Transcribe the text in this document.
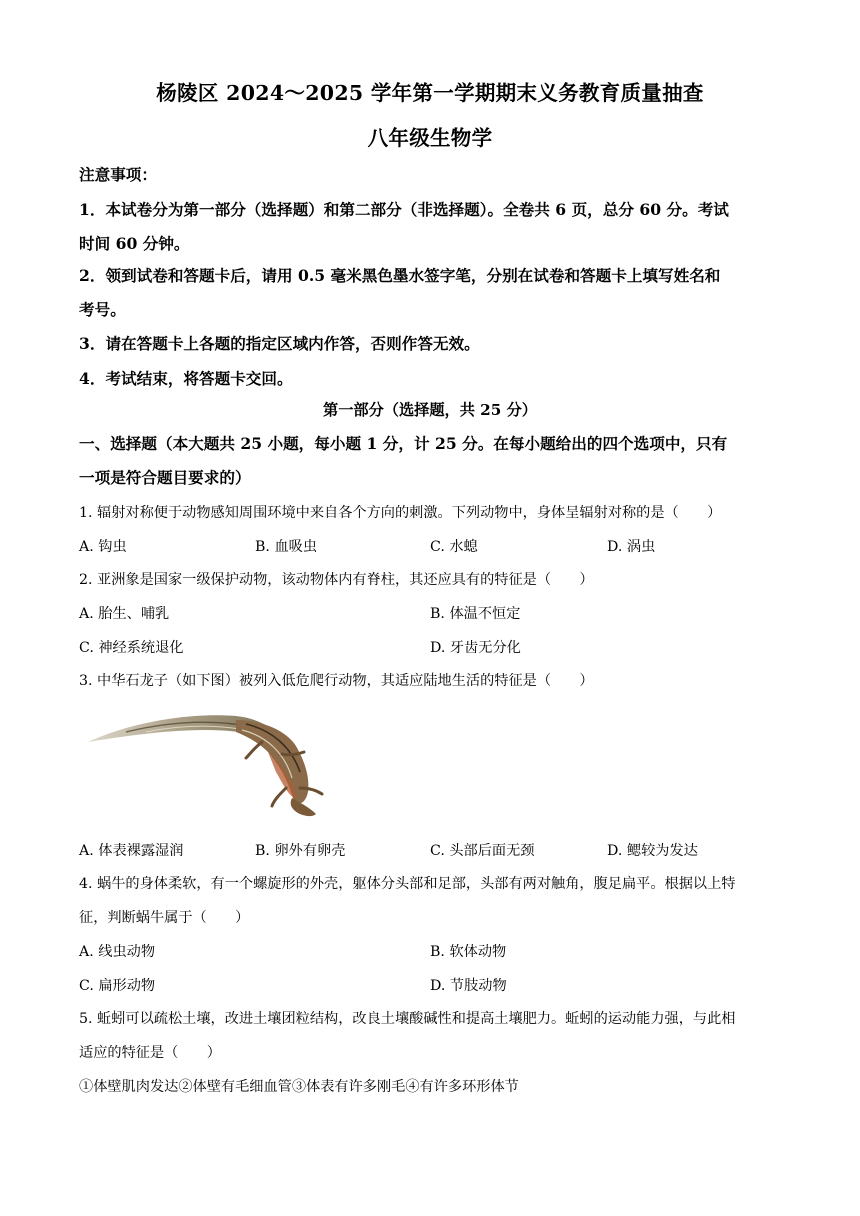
杨陵区 2024～2025 学年第一学期期末义务教育质量抽查
八年级生物学
注意事项：
1．本试卷分为第一部分（选择题）和第二部分（非选择题）。全卷共 6 页，总分 60 分。考试
时间 60 分钟。
2．领到试卷和答题卡后，请用 0.5 毫米黑色墨水签字笔，分别在试卷和答题卡上填写姓名和
考号。
3．请在答题卡上各题的指定区域内作答，否则作答无效。
4．考试结束，将答题卡交回。
第一部分（选择题，共 25 分）
一、选择题（本大题共 25 小题，每小题 1 分，计 25 分。在每小题给出的四个选项中，只有
一项是符合题目要求的）
1. 辐射对称便于动物感知周围环境中来自各个方向的刺激。下列动物中，身体呈辐射对称的是（　　）
A. 钩虫	B. 血吸虫	C. 水螅	D. 涡虫
2. 亚洲象是国家一级保护动物，该动物体内有脊柱，其还应具有的特征是（　　）
A. 胎生、哺乳	B. 体温不恒定
C. 神经系统退化	D. 牙齿无分化
3. 中华石龙子（如下图）被列入低危爬行动物，其适应陆地生活的特征是（　　）
A. 体表裸露湿润	B. 卵外有卵壳	C. 头部后面无颈	D. 鳃较为发达
4. 蜗牛的身体柔软，有一个螺旋形的外壳，躯体分头部和足部，头部有两对触角，腹足扁平。根据以上特
征，判断蜗牛属于（　　）
A. 线虫动物	B. 软体动物
C. 扁形动物	D. 节肢动物
5. 蚯蚓可以疏松土壤，改进土壤团粒结构，改良土壤酸碱性和提高土壤肥力。蚯蚓的运动能力强，与此相
适应的特征是（　　）
①体壁肌肉发达②体壁有毛细血管③体表有许多刚毛④有许多环形体节
